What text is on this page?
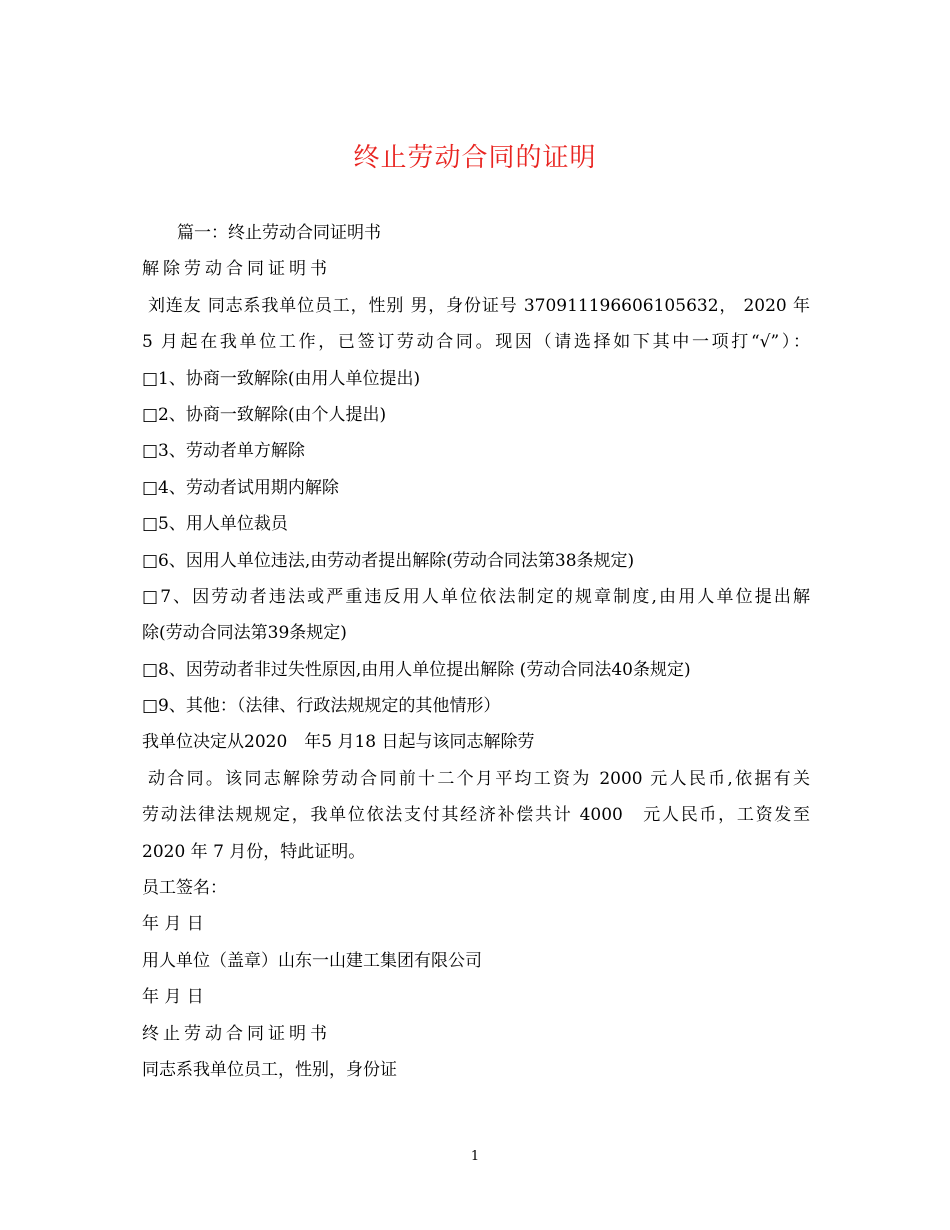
终止劳动合同的证明
篇一：终止劳动合同证明书
解除劳动合同证明书
刘连友 同志系我单位员工，性别 男，身份证号 370911196606105632， 2020 年
5 月起在我单位工作，已签订劳动合同。现因（请选择如下其中一项打“√”）：
□1、协商一致解除(由用人单位提出)
□2、协商一致解除(由个人提出)
□3、劳动者单方解除
□4、劳动者试用期内解除
□5、用人单位裁员
□6、因用人单位违法,由劳动者提出解除(劳动合同法第38条规定)
□7、因劳动者违法或严重违反用人单位依法制定的规章制度,由用人单位提出解
除(劳动合同法第39条规定)
□8、因劳动者非过失性原因,由用人单位提出解除 (劳动合同法40条规定)
□9、其他：（法律、行政法规规定的其他情形）
我单位决定从2020　年5 月18 日起与该同志解除劳
动合同。该同志解除劳动合同前十二个月平均工资为 2000 元人民币,依据有关
劳动法律法规规定，我单位依法支付其经济补偿共计 4000　元人民币，工资发至
2020 年 7 月份，特此证明。
员工签名：
年 月 日
用人单位（盖章）山东一山建工集团有限公司
年 月 日
终止劳动合同证明书
同志系我单位员工，性别，身份证
1
